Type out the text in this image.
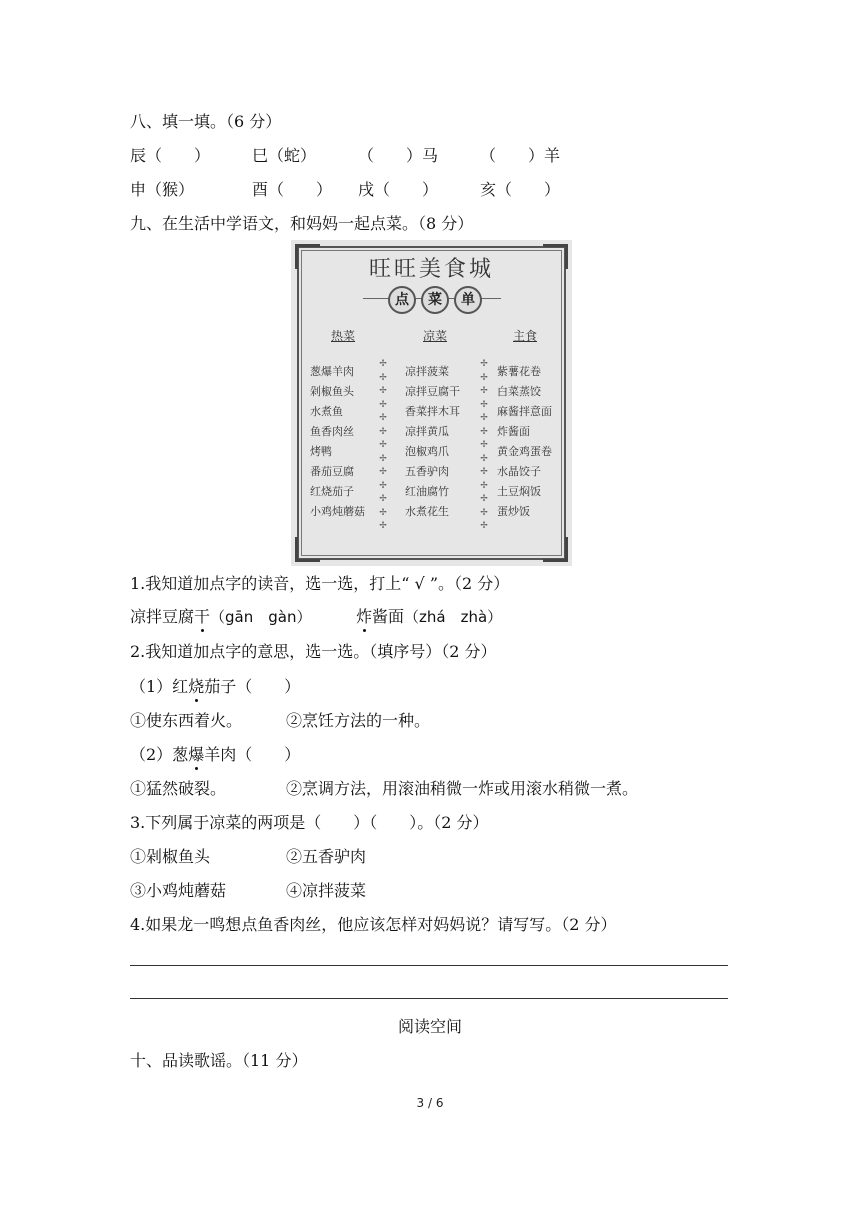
八、填一填。（6 分）
辰（　　）	巳（蛇）	（　　）马	（　　）羊
申（猴）	酉（　　） 戌（　　）	亥（　　）
九、在生活中学语文，和妈妈一起点菜。（8 分）
旺旺美食城
点	菜	单
热菜	凉菜	主食
葱爆羊肉
剁椒鱼头
水煮鱼
鱼香肉丝
烤鸭
番茄豆腐
红烧茄子
小鸡炖蘑菇
凉拌菠菜
凉拌豆腐干
香菜拌木耳
凉拌黄瓜
泡椒鸡爪
五香驴肉
红油腐竹
水煮花生
紫薯花卷
白菜蒸饺
麻酱拌意面
炸酱面
黄金鸡蛋卷
水晶饺子
土豆焖饭
蛋炒饭
✢
✢
✢
✢
✢
✢
✢
✢
✢
✢
✢
✢
✢
✢
✢
✢
✢
✢
✢
✢
✢
✢
✢
✢
✢
✢
1.我知道加点字的读音，选一选，打上“ √ ”。（2 分）
凉拌豆腐干（gān　gàn）	炸酱面（zhá　zhà）
2.我知道加点字的意思，选一选。（填序号）（2 分）
（1）红烧茄子（　　）
①使东西着火。	②烹饪方法的一种。
（2）葱爆羊肉（　　）
①猛然破裂。	②烹调方法，用滚油稍微一炸或用滚水稍微一煮。
3.下列属于凉菜的两项是（　　）（　　）。（2 分）
①剁椒鱼头	②五香驴肉
③小鸡炖蘑菇	④凉拌菠菜
4.如果龙一鸣想点鱼香肉丝，他应该怎样对妈妈说？请写写。（2 分）
阅读空间
十、品读歌谣。（11 分）
3 / 6
